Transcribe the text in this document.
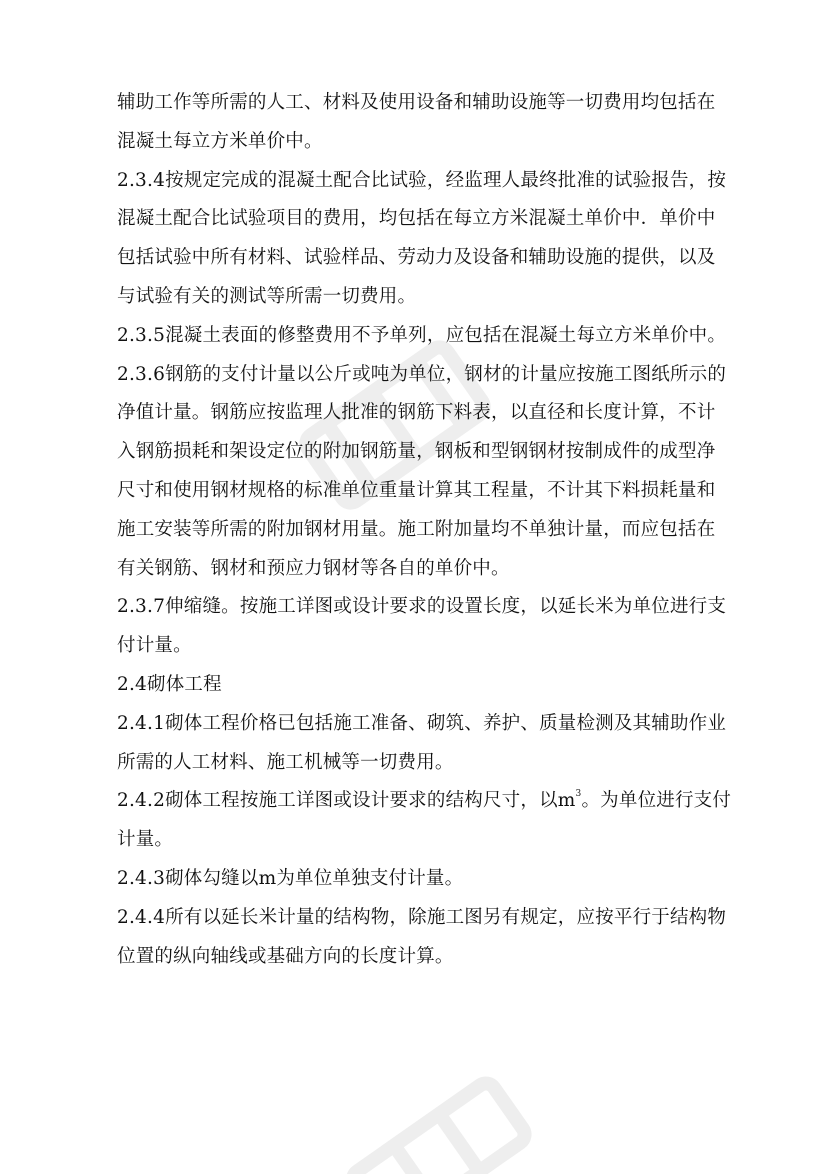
辅助工作等所需的人工、材料及使用设备和辅助设施等一切费用均包括在
混凝土每立方米单价中。
2.3.4按规定完成的混凝土配合比试验，经监理人最终批准的试验报告，按
混凝土配合比试验项目的费用，均包括在每立方米混凝土单价中．单价中
包括试验中所有材料、试验样品、劳动力及设备和辅助设施的提供，以及
与试验有关的测试等所需一切费用。
2.3.5混凝土表面的修整费用不予单列，应包括在混凝土每立方米单价中。
2.3.6钢筋的支付计量以公斤或吨为单位，钢材的计量应按施工图纸所示的
净值计量。钢筋应按监理人批准的钢筋下料表，以直径和长度计算，不计
入钢筋损耗和架设定位的附加钢筋量，钢板和型钢钢材按制成件的成型净
尺寸和使用钢材规格的标准单位重量计算其工程量，不计其下料损耗量和
施工安装等所需的附加钢材用量。施工附加量均不单独计量，而应包括在
有关钢筋、钢材和预应力钢材等各自的单价中。
2.3.7伸缩缝。按施工详图或设计要求的设置长度，以延长米为单位进行支
付计量。
2.4砌体工程
2.4.1砌体工程价格已包括施工准备、砌筑、养护、质量检测及其辅助作业
所需的人工材料、施工机械等一切费用。
2.4.2砌体工程按施工详图或设计要求的结构尺寸，以$m^3$。为单位进行支付
计量。
2.4.3砌体勾缝以m为单位单独支付计量。
2.4.4所有以延长米计量的结构物，除施工图另有规定，应按平行于结构物
位置的纵向轴线或基础方向的长度计算。
